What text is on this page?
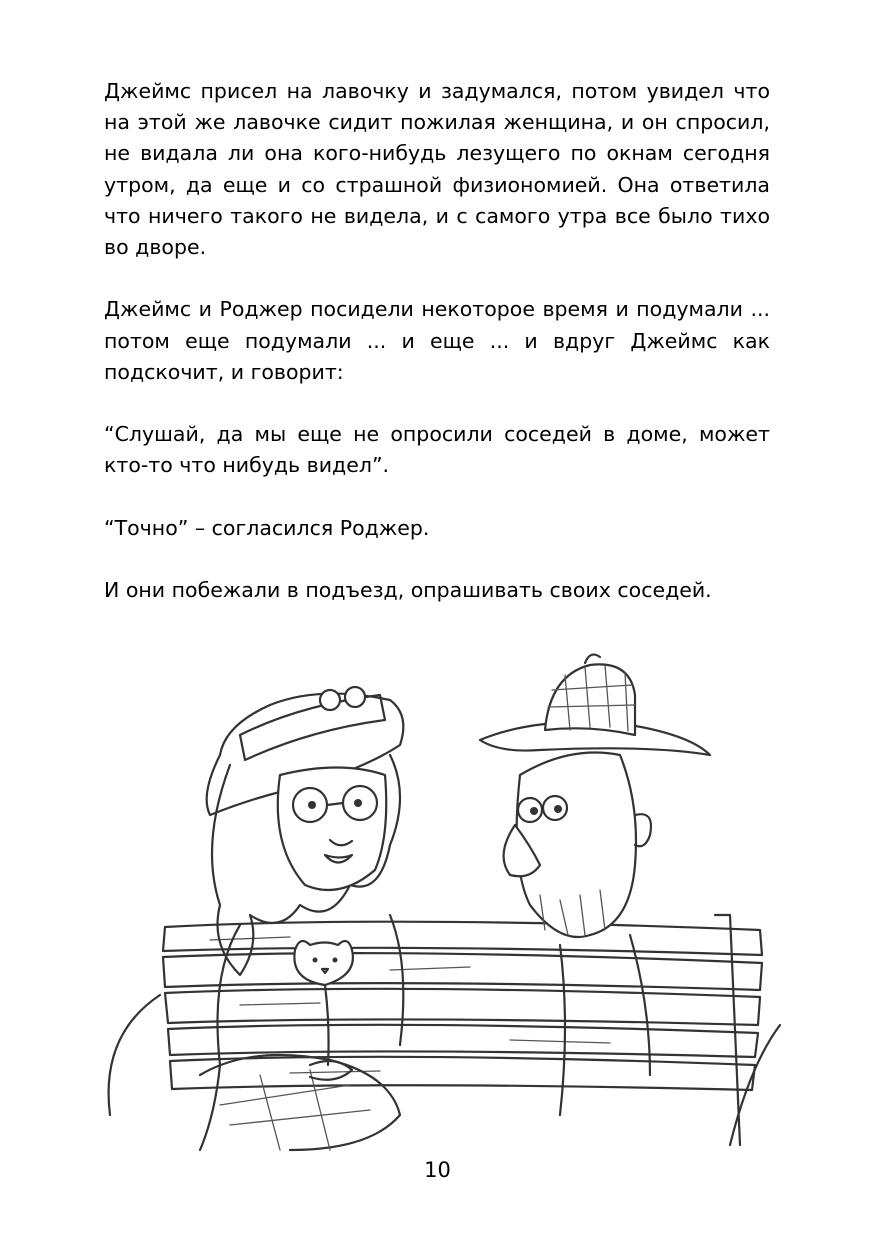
Джеймс присел на лавочку и задумался, потом увидел что на этой же лавочке сидит пожилая женщина, и он спросил, не видала ли она кого-нибудь лезущего по окнам сегодня утром, да еще и со страшной физиономией. Она ответила что ничего такого не видела, и с самого утра все было тихо во дворе.

Джеймс и Роджер посидели некоторое время и подумали ... потом еще подумали ... и еще ... и вдруг Джеймс как подскочит, и говорит:

“Слушай, да мы еще не опросили соседей в доме, может кто-то что нибудь видел”.

“Точно” – согласился Роджер.

И они побежали в подъезд, опрашивать своих соседей.

10
